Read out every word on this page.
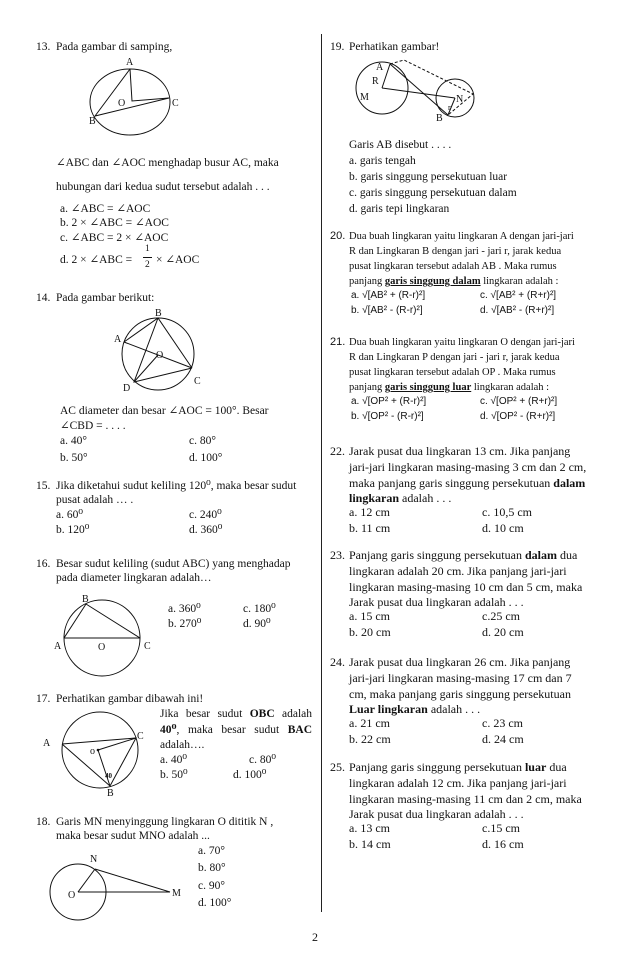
13. Pada gambar di samping,
A
O	C
B
∠ABC dan ∠AOC menghadap busur AC, maka
hubungan dari kedua sudut tersebut adalah . . .
a. ∠ABC = ∠AOC
b. 2 × ∠ABC = ∠AOC
c. ∠ABC = 2 × ∠AOC
d. 2 × ∠ABC =
1
2 × ∠AOC
14. Pada gambar berikut:
B
A
O
D
C
AC diameter dan besar ∠AOC = 100°. Besar
∠CBD = . . . .
a. 40°
b. 50°
c. 80°
d. 100°
15. Jika diketahui sudut keliling 120⁰, maka besar sudut
pusat adalah … .
a. 60⁰
b. 120⁰
c. 240⁰
d. 360⁰
16. Besar sudut keliling (sudut ABC) yang menghadap
pada diameter lingkaran adalah…
B
A	O	C
a. 360⁰
b. 270⁰
c. 180⁰
d. 90⁰
17. Perhatikan gambar dibawah ini!
A
C
o
B
40
Jika besar sudut OBC adalah 40⁰, maka besar sudut BAC adalah….
a. 40⁰
b. 50⁰
c. 80⁰
d. 100⁰
18. Garis MN menyinggung lingkaran O dititik N ,
maka besar sudut MNO adalah ...
N
O	M
a. 70°
b. 80°
c. 90°
d. 100°
19. Perhatikan gambar!
A
R
M	N
r
B
Garis AB disebut . . . .
a. garis tengah
b. garis singgung persekutuan luar
c. garis singgung persekutuan dalam
d. garis tepi lingkaran
20. Dua buah lingkaran yaitu lingkaran A dengan jari-jari
R dan Lingkaran B dengan jari - jari r, jarak kedua
pusat lingkaran tersebut adalah AB . Maka rumus
panjang garis singgung dalam lingkaran adalah :
a. √[AB² + (R-r)²]
b. √[AB² - (R-r)²]
c. √[AB² + (R+r)²]
d. √[AB² - (R+r)²]
21. Dua buah lingkaran yaitu lingkaran O dengan jari-jari
R dan Lingkaran P dengan jari - jari r, jarak kedua
pusat lingkaran tersebut adalah OP . Maka rumus
panjang garis singgung luar lingkaran adalah :
a. √[OP² + (R-r)²]
b. √[OP² - (R-r)²]
c. √[OP² + (R+r)²]
d. √[OP² - (R+r)²]
22. Jarak pusat dua lingkaran 13 cm. Jika panjang
jari-jari lingkaran masing-masing 3 cm dan 2 cm,
maka panjang garis singgung persekutuan dalam
lingkaran adalah . . .
a. 12 cm
b. 11 cm
c. 10,5 cm
d. 10 cm
23. Panjang garis singgung persekutuan dalam dua
lingkaran adalah 20 cm. Jika panjang jari-jari
lingkaran masing-masing 10 cm dan 5 cm, maka
Jarak pusat dua lingkaran adalah . . .
a. 15 cm
b. 20 cm
c.25 cm
d. 20 cm
24. Jarak pusat dua lingkaran 26 cm. Jika panjang
jari-jari lingkaran masing-masing 17 cm dan 7
cm, maka panjang garis singgung persekutuan
Luar lingkaran adalah . . .
a. 21 cm
b. 22 cm
c. 23 cm
d. 24 cm
25. Panjang garis singgung persekutuan luar dua
lingkaran adalah 12 cm. Jika panjang jari-jari
lingkaran masing-masing 11 cm dan 2 cm, maka
Jarak pusat dua lingkaran adalah . . .
a. 13 cm
b. 14 cm
c.15 cm
d. 16 cm
2
